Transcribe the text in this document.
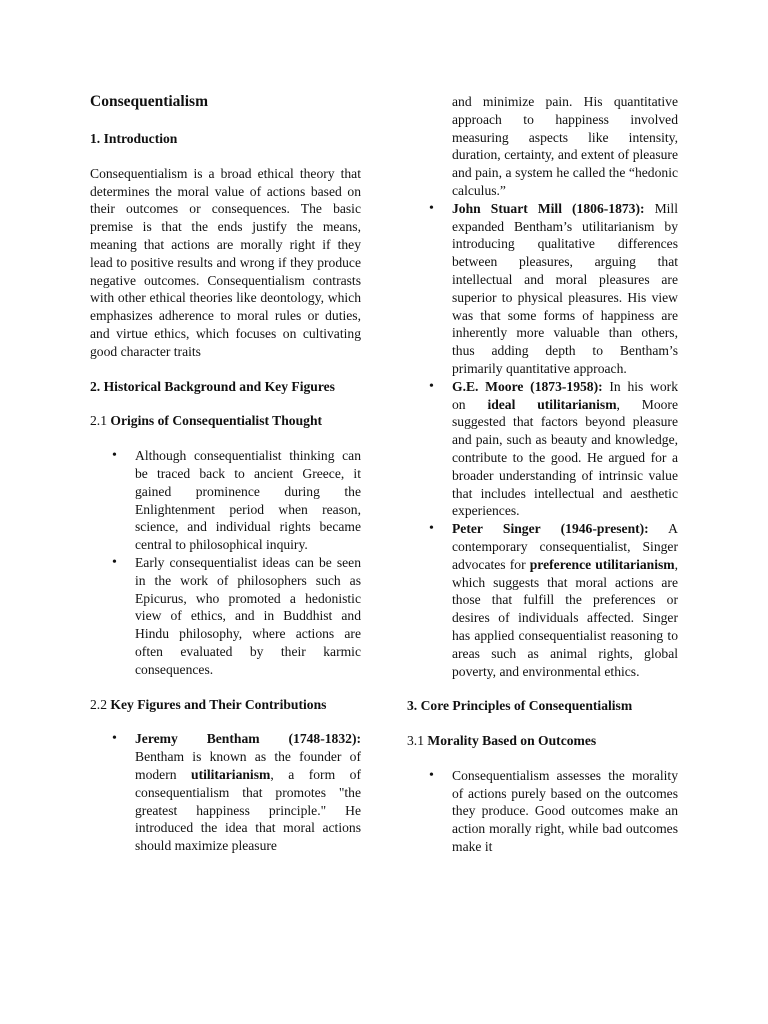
Consequentialism
1. Introduction

Consequentialism is a broad ethical theory that determines the moral value of actions based on their outcomes or consequences. The basic premise is that the ends justify the means, meaning that actions are morally right if they lead to positive results and wrong if they produce negative outcomes. Consequentialism contrasts with other ethical theories like deontology, which emphasizes adherence to moral rules or duties, and virtue ethics, which focuses on cultivating good character traits

2. Historical Background and Key Figures
2.1 Origins of Consequentialist Thought
• Although consequentialist thinking can be traced back to ancient Greece, it gained prominence during the Enlightenment period when reason, science, and individual rights became central to philosophical inquiry.
• Early consequentialist ideas can be seen in the work of philosophers such as Epicurus, who promoted a hedonistic view of ethics, and in Buddhist and Hindu philosophy, where actions are often evaluated by their karmic consequences.
2.2 Key Figures and Their Contributions
• Jeremy Bentham (1748-1832): Bentham is known as the founder of modern utilitarianism, a form of consequentialism that promotes "the greatest happiness principle." He introduced the idea that moral actions should maximize pleasure

and minimize pain. His quantitative approach to happiness involved measuring aspects like intensity, duration, certainty, and extent of pleasure and pain, a system he called the “hedonic calculus.”

• John Stuart Mill (1806-1873): Mill expanded Bentham’s utilitarianism by introducing qualitative differences between pleasures, arguing that intellectual and moral pleasures are superior to physical pleasures. His view was that some forms of happiness are inherently more valuable than others, thus adding depth to Bentham’s primarily quantitative approach.
• G.E. Moore (1873-1958): In his work on ideal utilitarianism, Moore suggested that factors beyond pleasure and pain, such as beauty and knowledge, contribute to the good. He argued for a broader understanding of intrinsic value that includes intellectual and aesthetic experiences.
• Peter Singer (1946-present): A contemporary consequentialist, Singer advocates for preference utilitarianism, which suggests that moral actions are those that fulfill the preferences or desires of individuals affected. Singer has applied consequentialist reasoning to areas such as animal rights, global poverty, and environmental ethics.
3. Core Principles of Consequentialism
3.1 Morality Based on Outcomes
• Consequentialism assesses the morality of actions purely based on the outcomes they produce. Good outcomes make an action morally right, while bad outcomes make it
